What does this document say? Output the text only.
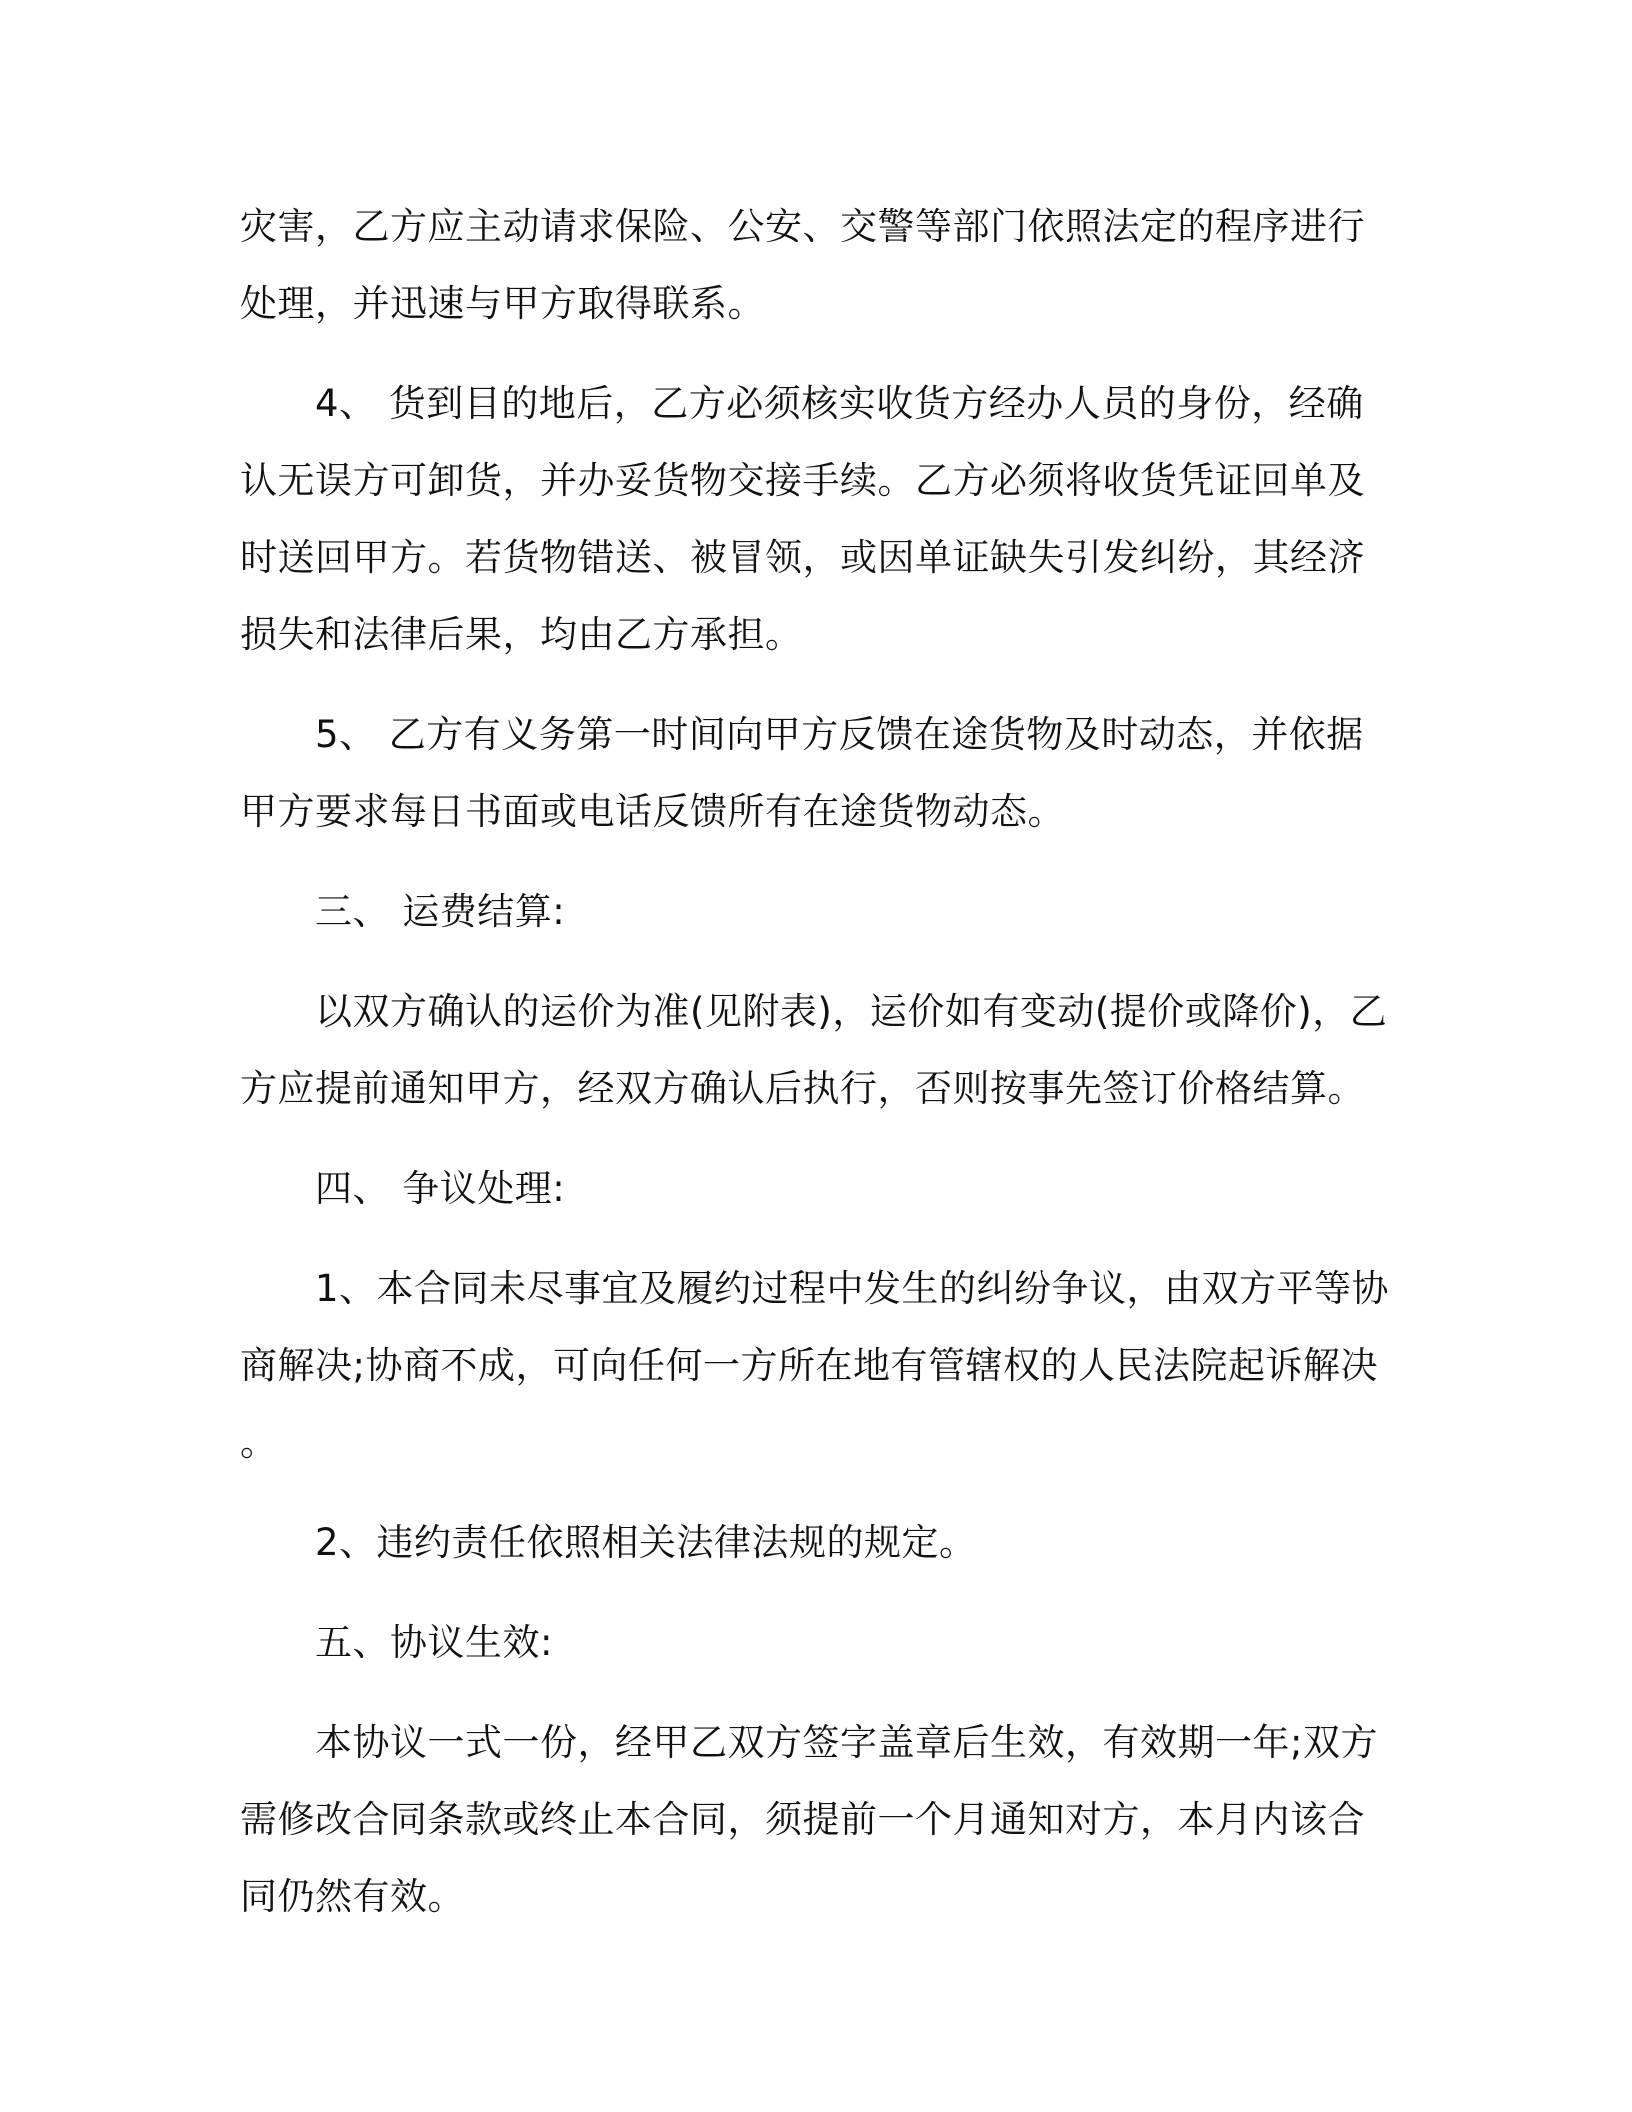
灾害，乙方应主动请求保险、公安、交警等部门依照法定的程序进行处理，并迅速与甲方取得联系。

4、 货到目的地后，乙方必须核实收货方经办人员的身份，经确认无误方可卸货，并办妥货物交接手续。乙方必须将收货凭证回单及时送回甲方。若货物错送、被冒领，或因单证缺失引发纠纷，其经济损失和法律后果，均由乙方承担。

5、 乙方有义务第一时间向甲方反馈在途货物及时动态，并依据甲方要求每日书面或电话反馈所有在途货物动态。

三、 运费结算:

以双方确认的运价为准(见附表)，运价如有变动(提价或降价)，乙方应提前通知甲方，经双方确认后执行，否则按事先签订价格结算。

四、 争议处理:

1、本合同未尽事宜及履约过程中发生的纠纷争议，由双方平等协商解决;协商不成，可向任何一方所在地有管辖权的人民法院起诉解决。

2、违约责任依照相关法律法规的规定。

五、协议生效:

本协议一式一份，经甲乙双方签字盖章后生效，有效期一年;双方需修改合同条款或终止本合同，须提前一个月通知对方，本月内该合同仍然有效。
